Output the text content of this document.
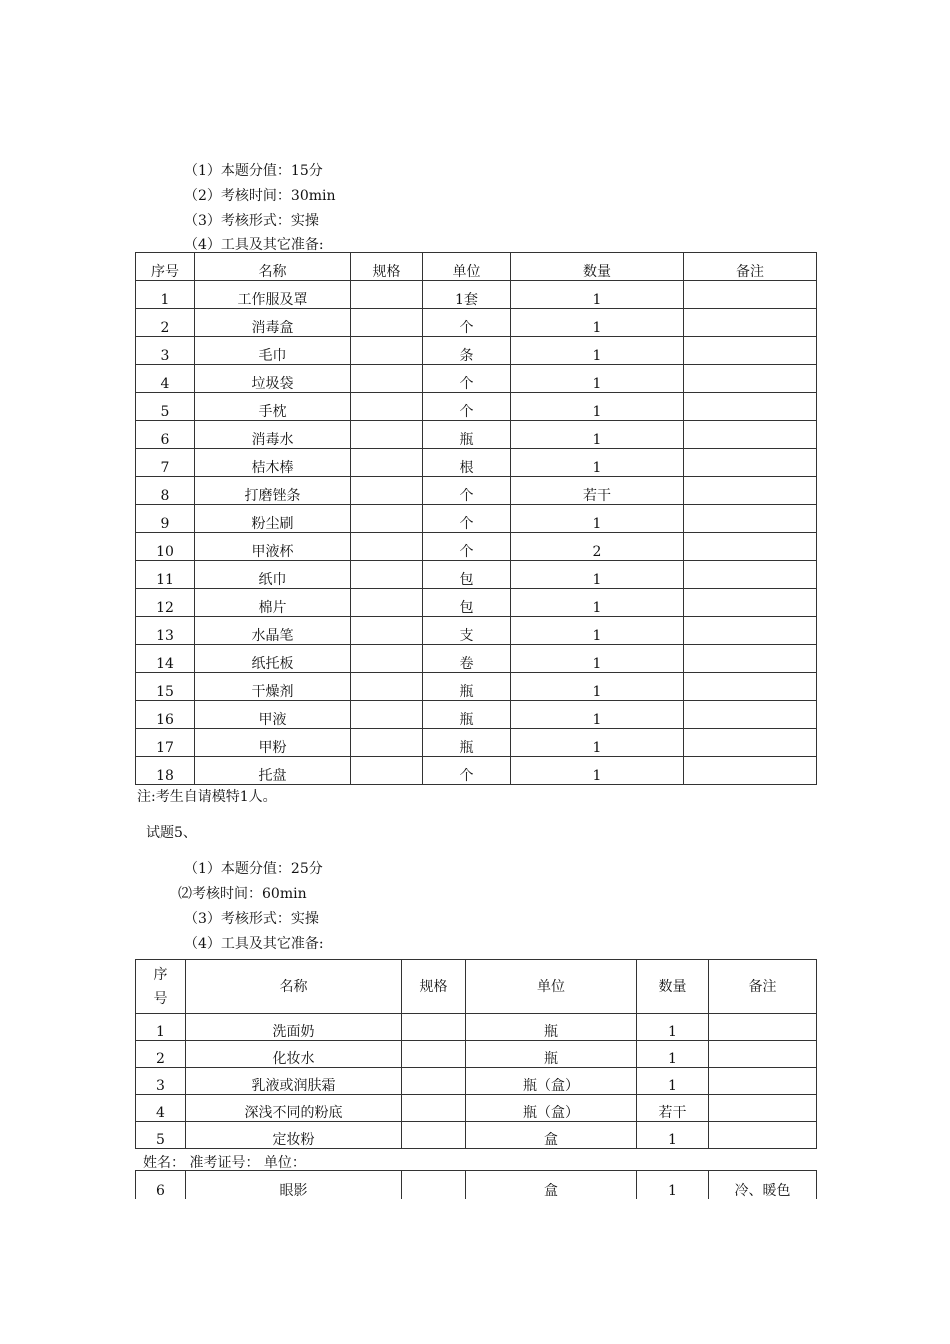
（1）本题分值：15分
（2）考核时间：30min
（3）考核形式：实操
（4）工具及其它准备:
序号	名称	规格	单位	数量	备注
1	工作服及罩		1套	1	
2	消毒盒		个	1	
3	毛巾		条	1	
4	垃圾袋		个	1	
5	手枕		个	1	
6	消毒水		瓶	1	
7	桔木棒		根	1	
8	打磨锉条		个	若干	
9	粉尘刷		个	1	
10	甲液杯		个	2	
11	纸巾		包	1	
12	棉片		包	1	
13	水晶笔		支	1	
14	纸托板		卷	1	
15	干燥剂		瓶	1	
16	甲液		瓶	1	
17	甲粉		瓶	1	
18	托盘		个	1	
注:考生自请模特1人。
试题5、
（1）本题分值：25分
⑵考核时间：60min
（3）考核形式：实操
（4）工具及其它准备:
序
号	名称	规格	单位	数量	备注
1	洗面奶		瓶	1	
2	化妆水		瓶	1	
3	乳液或润肤霜		瓶（盒）	1	
4	深浅不同的粉底		瓶（盒）	若干	
5	定妆粉		盒	1	
姓名： 准考证号： 单位：
6	眼影		盒	1	冷、暖色
